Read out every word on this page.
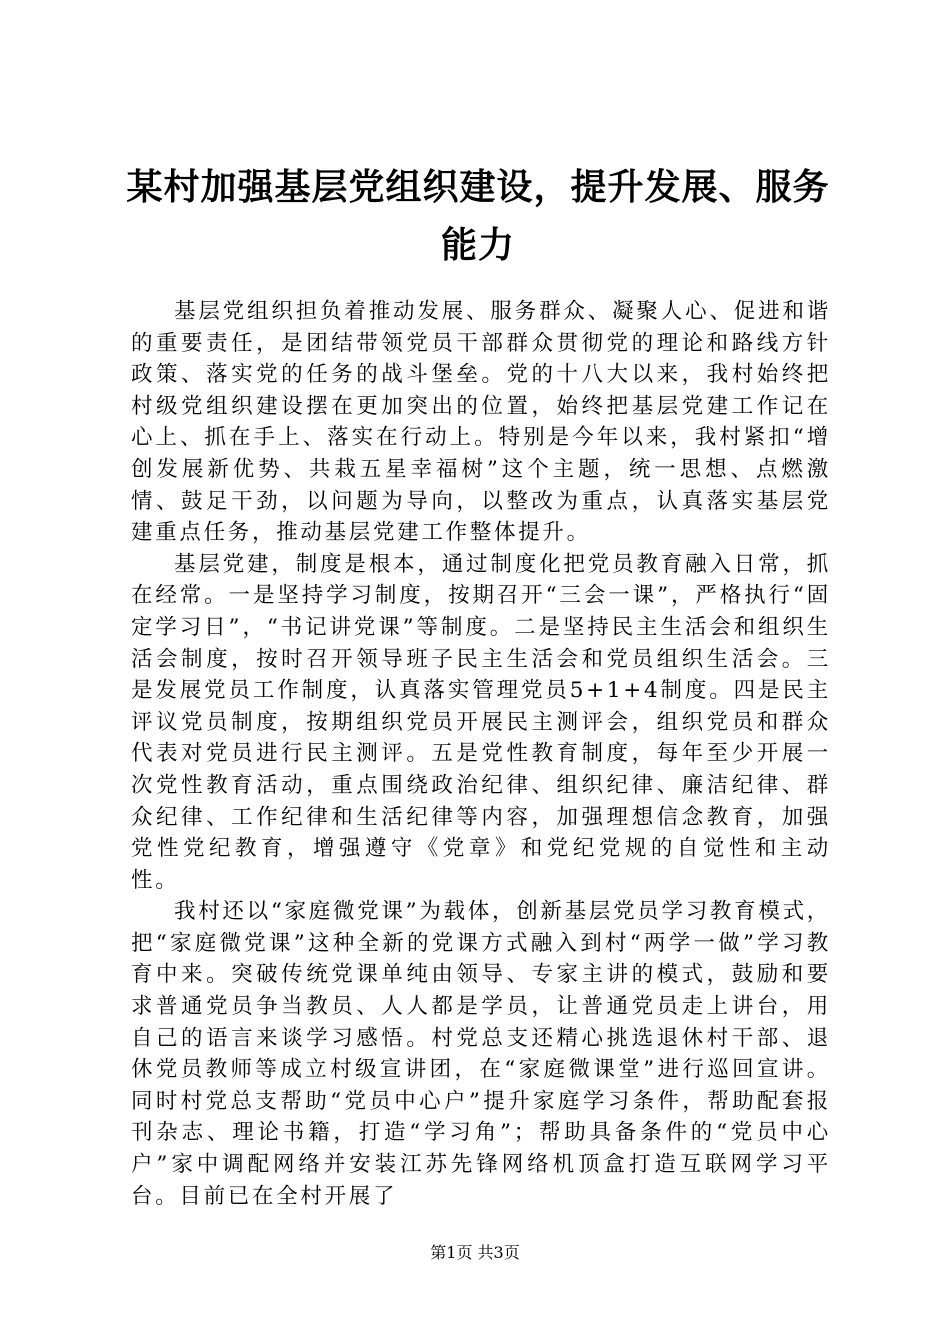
某村加强基层党组织建设，提升发展、服务能力

基层党组织担负着推动发展、服务群众、凝聚人心、促进和谐的重要责任，是团结带领党员干部群众贯彻党的理论和路线方针政策、落实党的任务的战斗堡垒。党的十八大以来，我村始终把村级党组织建设摆在更加突出的位置，始终把基层党建工作记在心上、抓在手上、落实在行动上。特别是今年以来，我村紧扣“增创发展新优势、共栽五星幸福树”这个主题，统一思想、点燃激情、鼓足干劲，以问题为导向，以整改为重点，认真落实基层党建重点任务，推动基层党建工作整体提升。

基层党建，制度是根本，通过制度化把党员教育融入日常，抓在经常。一是坚持学习制度，按期召开“三会一课”，严格执行“固定学习日”，“书记讲党课”等制度。二是坚持民主生活会和组织生活会制度，按时召开领导班子民主生活会和党员组织生活会。三是发展党员工作制度，认真落实管理党员5+1+4制度。四是民主评议党员制度，按期组织党员开展民主测评会，组织党员和群众代表对党员进行民主测评。五是党性教育制度，每年至少开展一次党性教育活动，重点围绕政治纪律、组织纪律、廉洁纪律、群众纪律、工作纪律和生活纪律等内容，加强理想信念教育，加强党性党纪教育，增强遵守《党章》和党纪党规的自觉性和主动性。

我村还以“家庭微党课”为载体，创新基层党员学习教育模式，把“家庭微党课”这种全新的党课方式融入到村“两学一做”学习教育中来。突破传统党课单纯由领导、专家主讲的模式，鼓励和要求普通党员争当教员、人人都是学员，让普通党员走上讲台，用自己的语言来谈学习感悟。村党总支还精心挑选退休村干部、退休党员教师等成立村级宣讲团，在“家庭微课堂”进行巡回宣讲。同时村党总支帮助“党员中心户”提升家庭学习条件，帮助配套报刊杂志、理论书籍，打造“学习角”；帮助具备条件的“党员中心户”家中调配网络并安装江苏先锋网络机顶盒打造互联网学习平台。目前已在全村开展了

第1页 共3页
